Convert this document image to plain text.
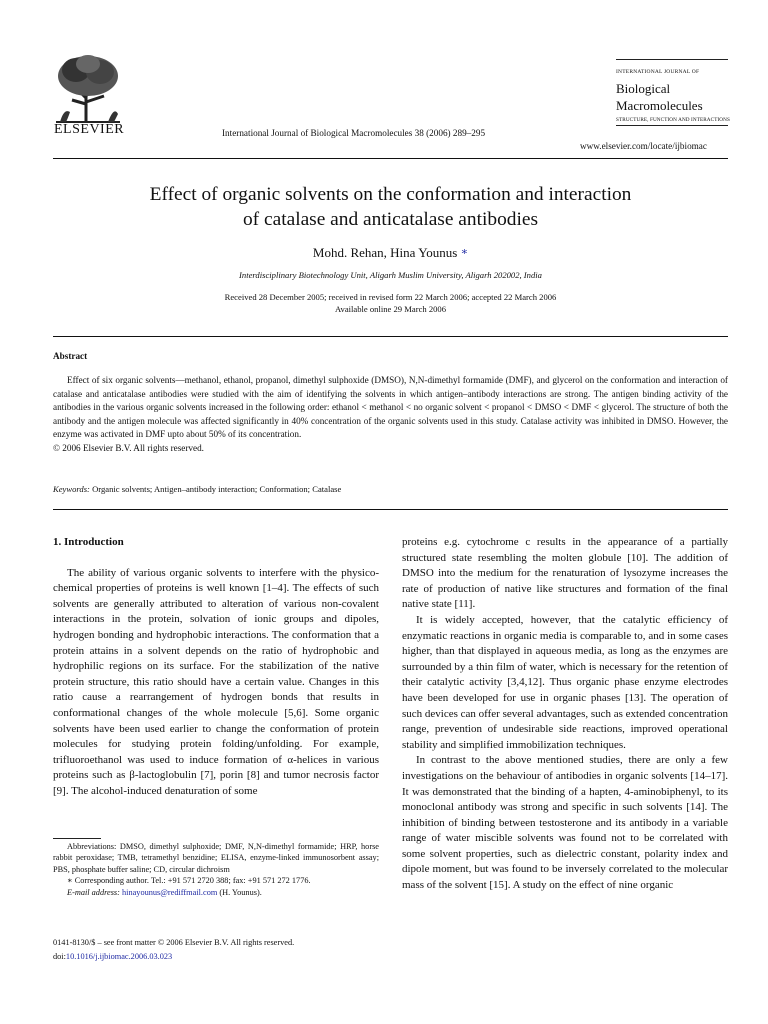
ELSEVIER	International Journal of Biological Macromolecules 38 (2006) 289–295
INTERNATIONAL JOURNAL OF
Biological
Macromolecules
STRUCTURE, FUNCTION AND INTERACTIONS
www.elsevier.com/locate/ijbiomac
Effect of organic solvents on the conformation and interaction
of catalase and anticatalase antibodies
Mohd. Rehan, Hina Younus ∗
Interdisciplinary Biotechnology Unit, Aligarh Muslim University, Aligarh 202002, India
Received 28 December 2005; received in revised form 22 March 2006; accepted 22 March 2006
Available online 29 March 2006
Abstract

Effect of six organic solvents—methanol, ethanol, propanol, dimethyl sulphoxide (DMSO), N,N-dimethyl formamide (DMF), and glycerol on the conformation and interaction of catalase and anticatalase antibodies were studied with the aim of identifying the solvents in which antigen–antibody interactions are strong. The antigen binding activity of the antibodies in the various organic solvents increased in the following order: ethanol < methanol < no organic solvent < propanol < DMSO < DMF < glycerol. The structure of both the antibody and the antigen molecule was affected significantly in 40% concentration of the organic solvents used in this study. Catalase activity was inhibited in DMSO. However, the enzyme was activated in DMF upto about 50% of its concentration.

© 2006 Elsevier B.V. All rights reserved.

Keywords: Organic solvents; Antigen–antibody interaction; Conformation; Catalase

1. Introduction

The ability of various organic solvents to interfere with the physico-chemical properties of proteins is well known [1–4]. The effects of such solvents are generally attributed to alteration of various non-covalent interactions in the protein, solvation of ionic groups and dipoles, hydrogen bonding and hydrophobic interactions. The conformation that a protein attains in a solvent depends on the ratio of hydrophobic and hydrophilic regions on its surface. For the stabilization of the native protein structure, this ratio should have a certain value. Changes in this ratio cause a rearrangement of hydrogen bonds that results in conformational changes of the whole molecule [5,6]. Some organic solvents have been used earlier to change the conformation of protein molecules for studying protein folding/unfolding. For example, trifluoroethanol was used to induce formation of α-helices in various proteins such as β-lactoglobulin [7], porin [8] and tumor necrosis factor [9]. The alcohol-induced denaturation of some

proteins e.g. cytochrome c results in the appearance of a partially structured state resembling the molten globule [10]. The addition of DMSO into the medium for the renaturation of lysozyme increases the rate of production of native like structures and formation of the final native state [11].

It is widely accepted, however, that the catalytic efficiency of enzymatic reactions in organic media is comparable to, and in some cases higher, than that displayed in aqueous media, as long as the enzymes are surrounded by a thin film of water, which is necessary for the retention of their catalytic activity [3,4,12]. Thus organic phase enzyme electrodes have been developed for use in organic phases [13]. The operation of such devices can offer several advantages, such as extended concentration range, prevention of undesirable side reactions, improved operational stability and simplified immobilization techniques.

In contrast to the above mentioned studies, there are only a few investigations on the behaviour of antibodies in organic solvents [14–17]. It was demonstrated that the binding of a hapten, 4-aminobiphenyl, to its monoclonal antibody was strong and specific in such solvents [14]. The inhibition of binding between testosterone and its antibody in a variable range of water miscible solvents was found not to be correlated with some solvent properties, such as dielectric constant, polarity index and dipole moment, but was found to be inversely correlated to the molecular mass of the solvent [15]. A study on the effect of nine organic

Abbreviations: DMSO, dimethyl sulphoxide; DMF, N,N-dimethyl formamide; HRP, horse rabbit peroxidase; TMB, tetramethyl benzidine; ELISA, enzyme-linked immunosorbent assay; PBS, phosphate buffer saline; CD, circular dichroism

∗ Corresponding author. Tel.: +91 571 2720 388; fax: +91 571 272 1776.

E-mail address: hinayounus@rediffmail.com (H. Younus).

0141-8130/$ – see front matter © 2006 Elsevier B.V. All rights reserved.
doi:10.1016/j.ijbiomac.2006.03.023
